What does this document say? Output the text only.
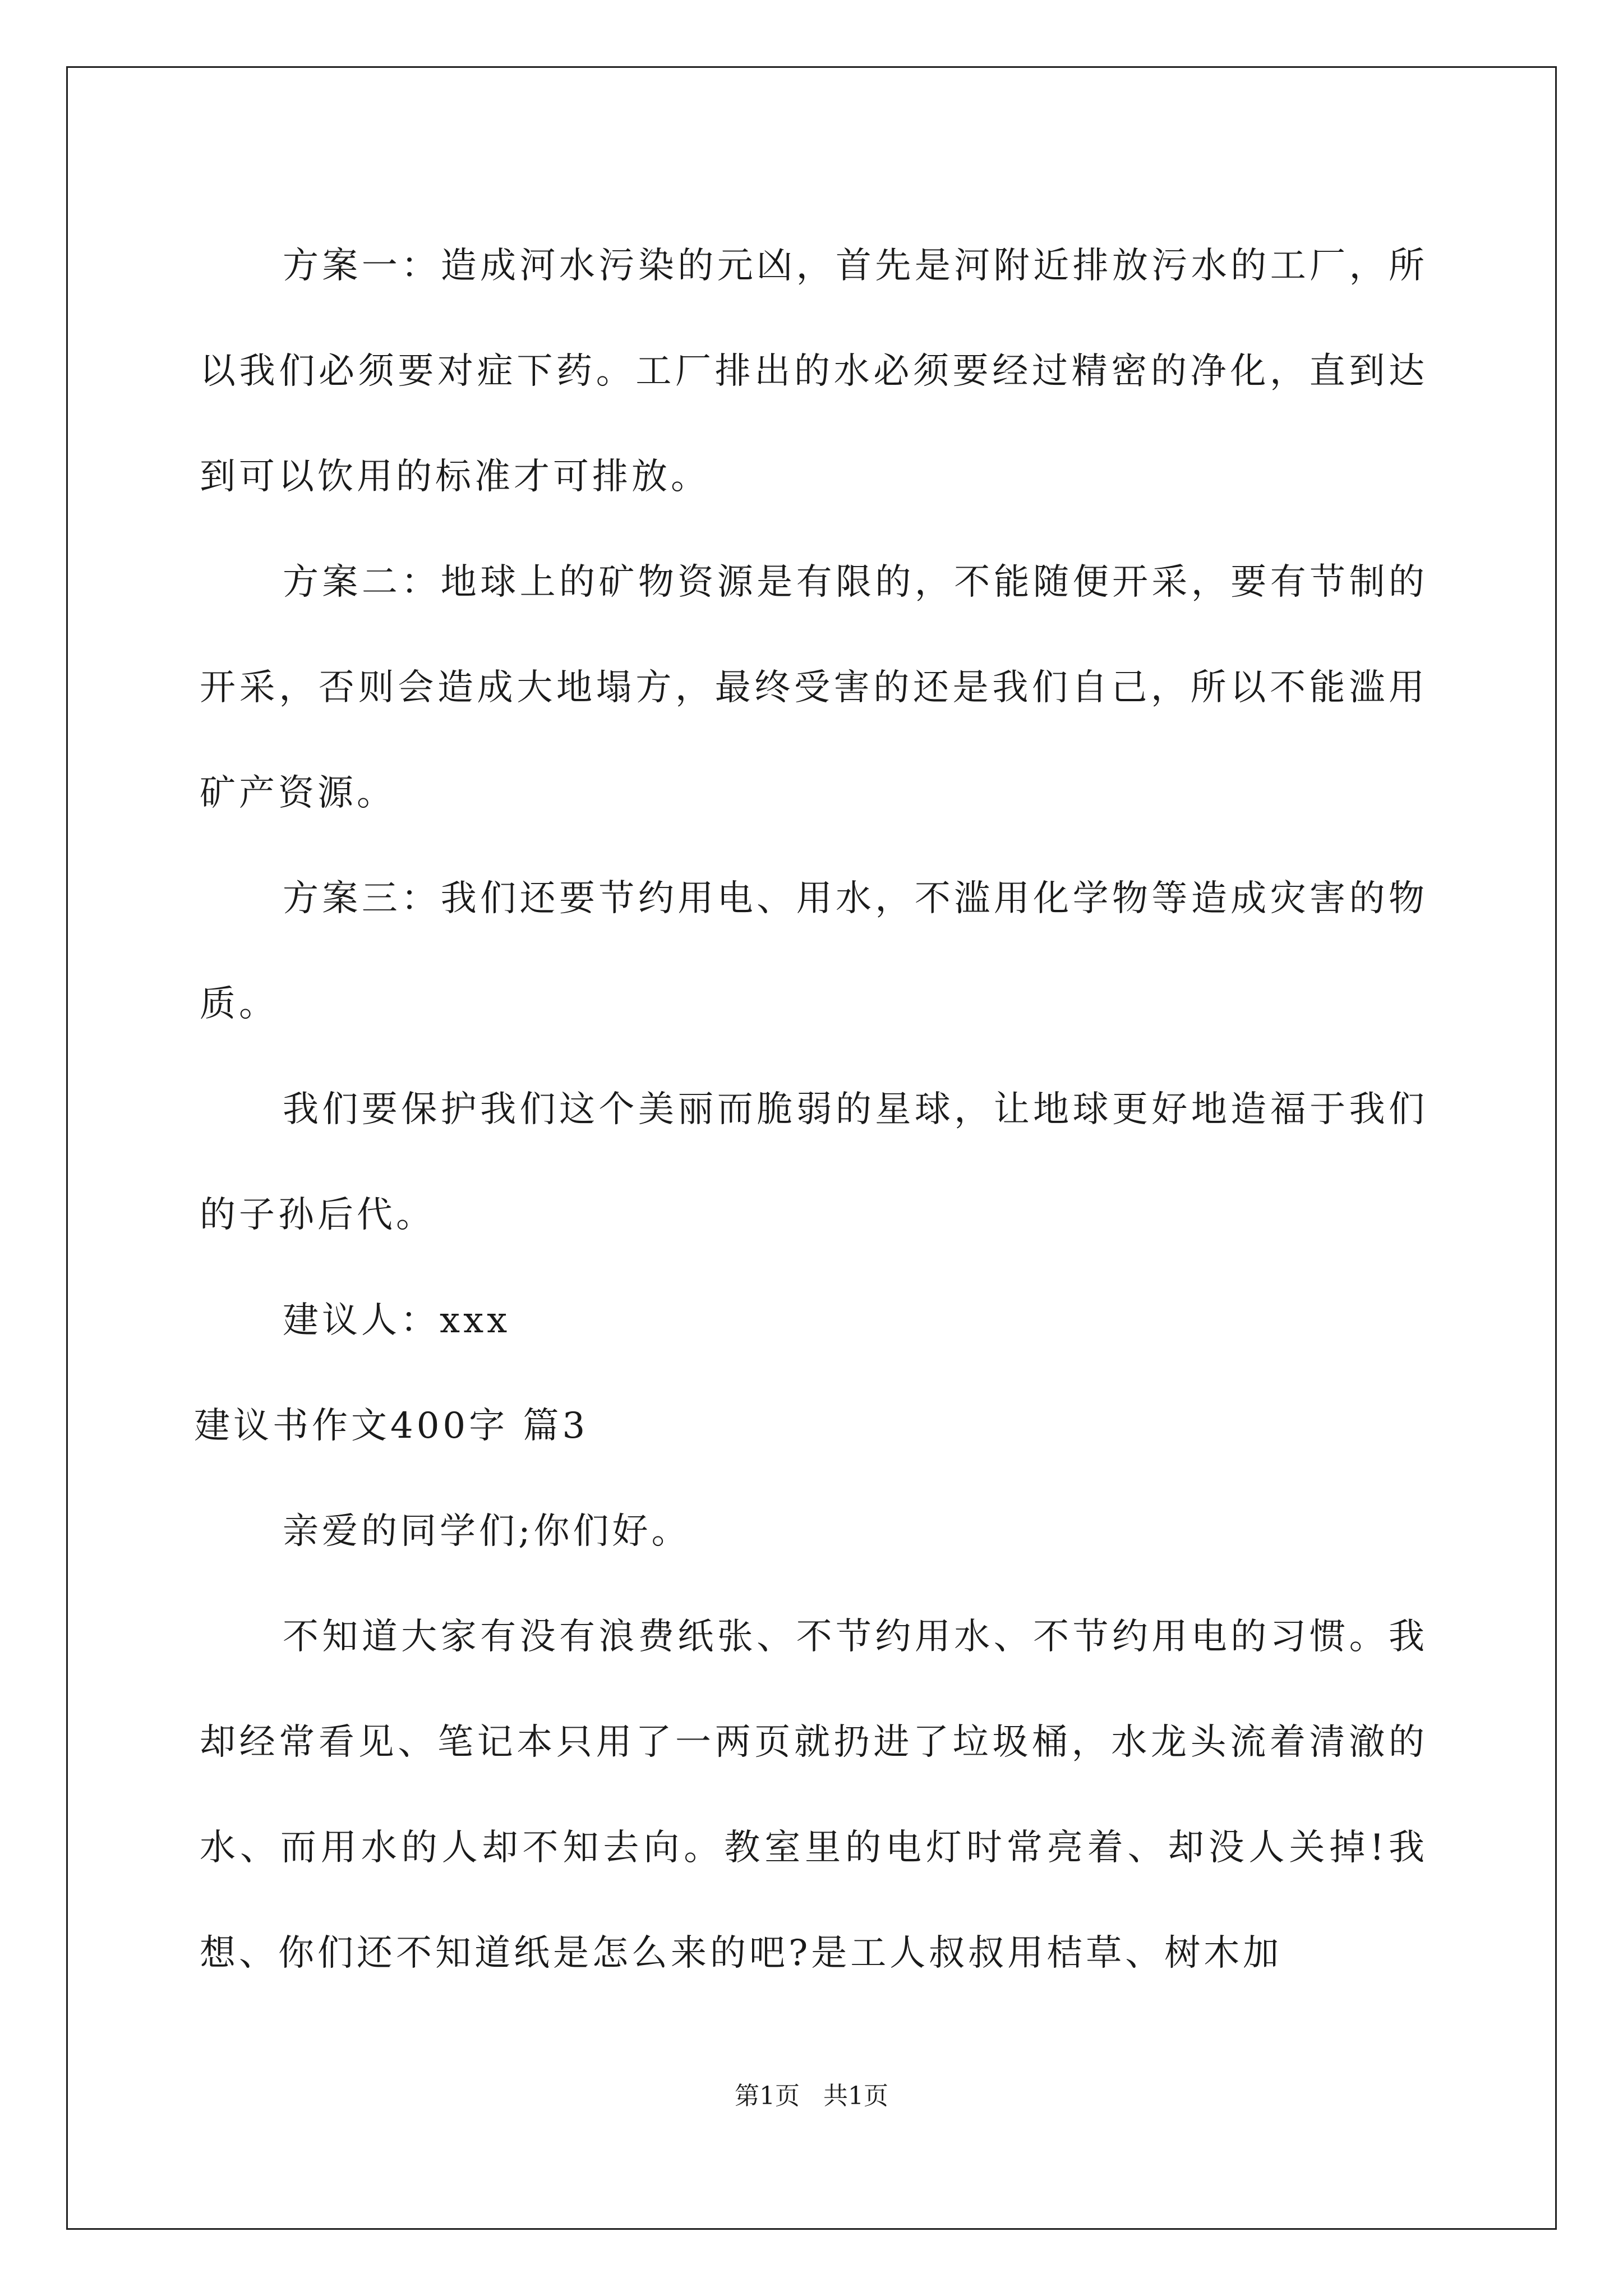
方案一：造成河水污染的元凶，首先是河附近排放污水的工厂，所以我们必须要对症下药。工厂排出的水必须要经过精密的净化，直到达到可以饮用的标准才可排放。

方案二：地球上的矿物资源是有限的，不能随便开采，要有节制的开采，否则会造成大地塌方，最终受害的还是我们自己，所以不能滥用矿产资源。

方案三：我们还要节约用电、用水，不滥用化学物等造成灾害的物质。

我们要保护我们这个美丽而脆弱的星球，让地球更好地造福于我们的子孙后代。

建议人：xxx

建议书作文400字 篇3

亲爱的同学们;你们好。

不知道大家有没有浪费纸张、不节约用水、不节约用电的习惯。我却经常看见、笔记本只用了一两页就扔进了垃圾桶，水龙头流着清澈的水、而用水的人却不知去向。教室里的电灯时常亮着、却没人关掉!我想、你们还不知道纸是怎么来的吧?是工人叔叔用桔草、树木加

第1页 共1页
